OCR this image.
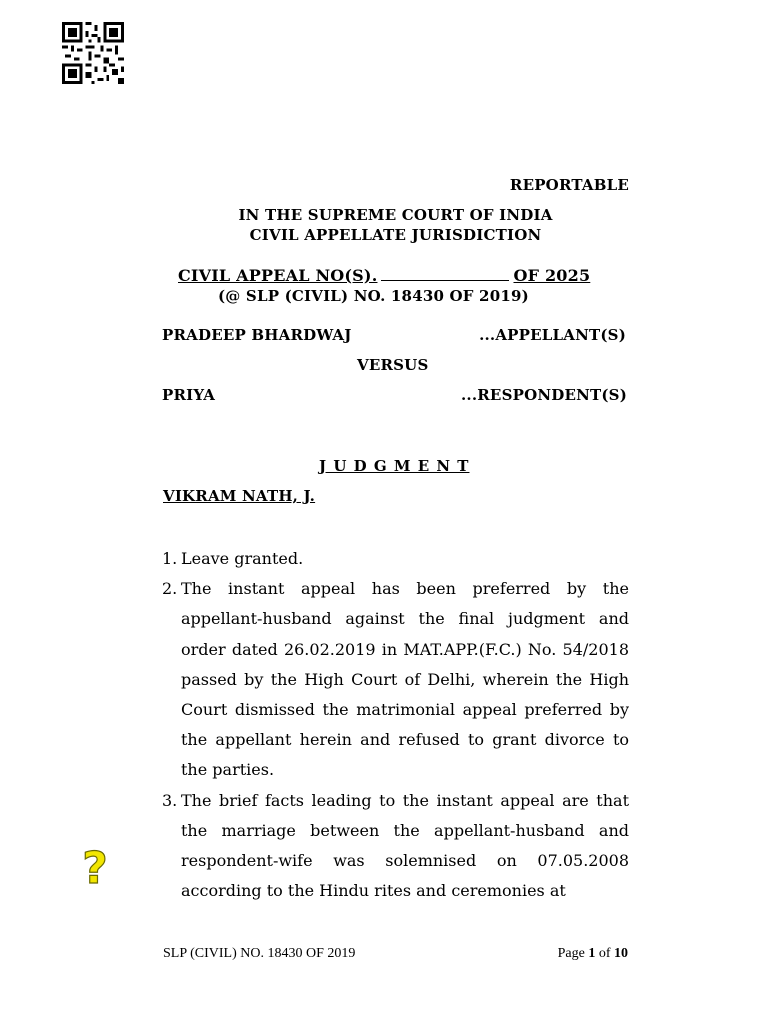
REPORTABLE
IN THE SUPREME COURT OF INDIA
CIVIL APPELLATE JURISDICTION
CIVIL APPEAL NO(S).	OF 2025
(@ SLP (CIVIL) NO. 18430 OF 2019)
PRADEEP BHARDWAJ	...APPELLANT(S)
VERSUS
PRIYA	...RESPONDENT(S)
J U D G M E N T
VIKRAM NATH, J.
1. Leave granted.
2. The instant appeal has been preferred by the appellant-husband against the final judgment and order dated 26.02.2019 in MAT.APP.(F.C.) No. 54/2018 passed by the High Court of Delhi, wherein the High Court dismissed the matrimonial appeal preferred by the appellant herein and refused to grant divorce to the parties.
3. The brief facts leading to the instant appeal are that the marriage between the appellant-husband and respondent-wife was solemnised on 07.05.2008 according to the Hindu rites and ceremonies at
?
SLP (CIVIL) NO. 18430 OF 2019	Page 1 of 10
